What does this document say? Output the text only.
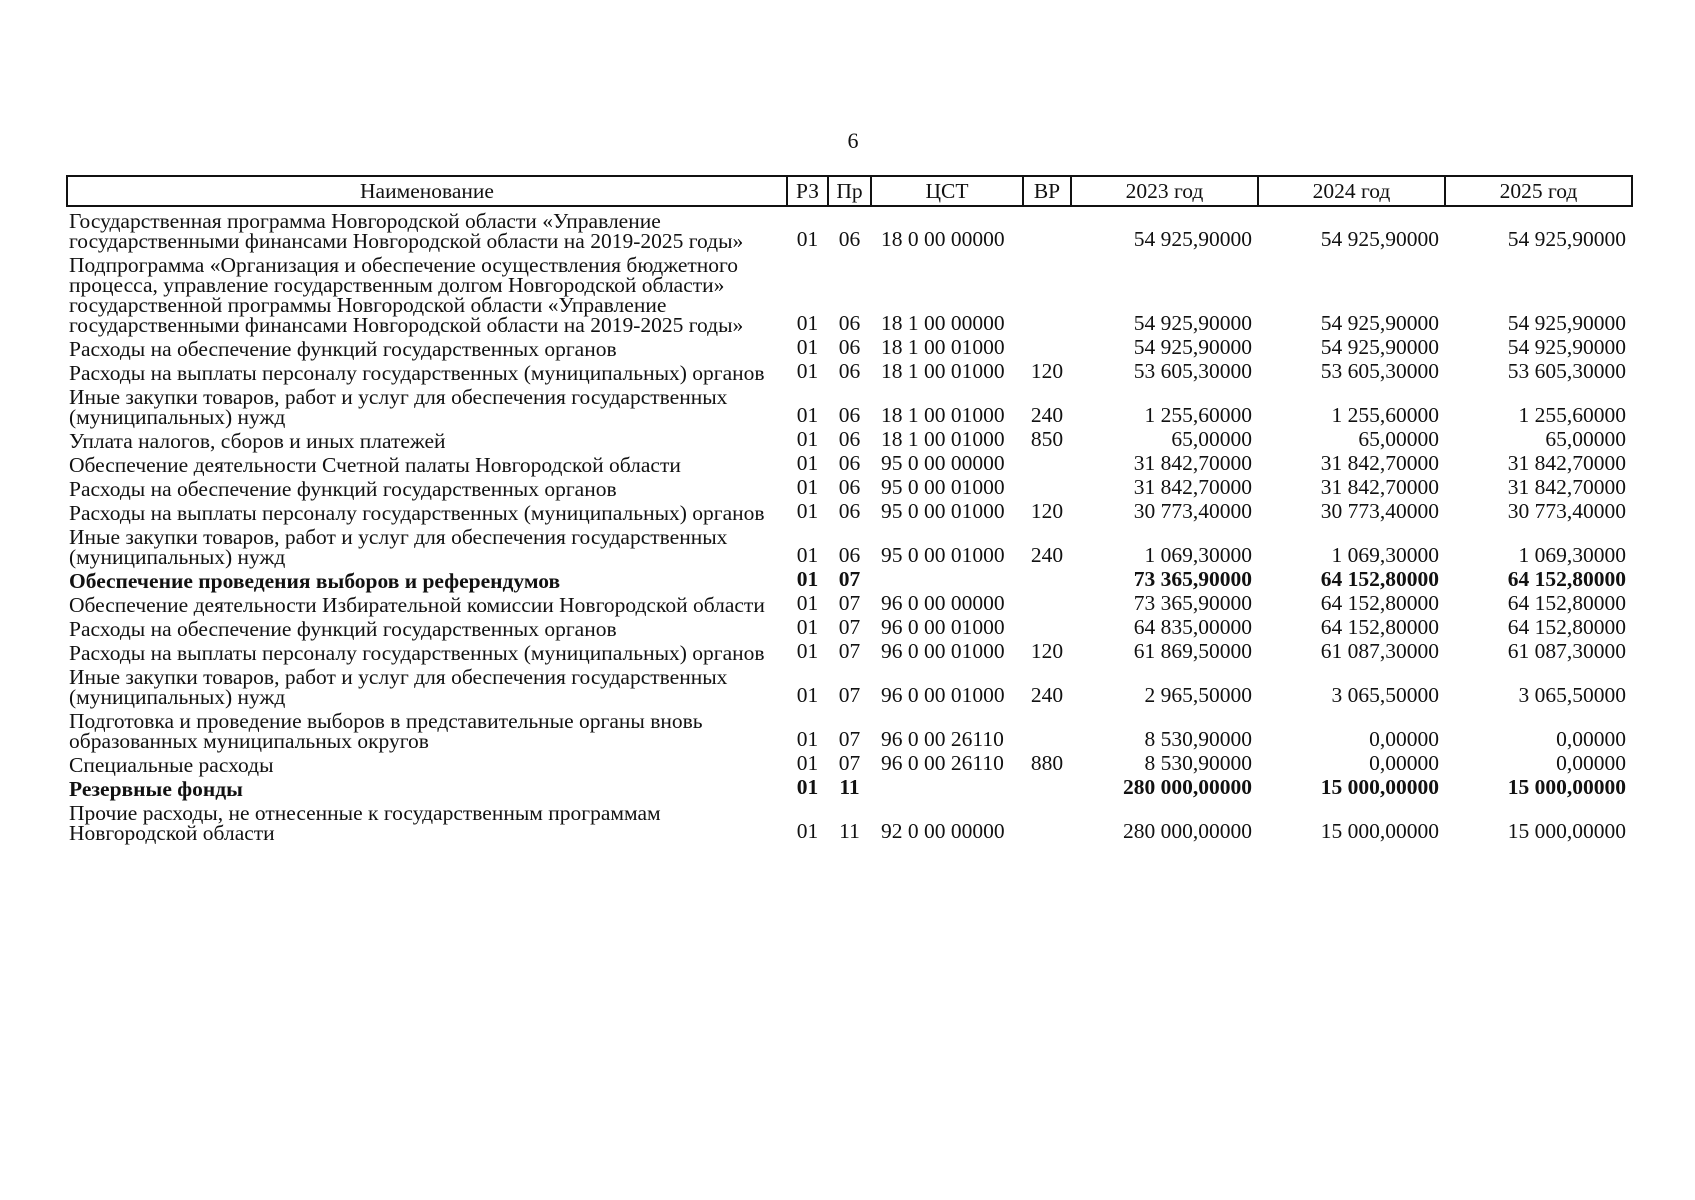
6
Наименование	РЗ	Пр	ЦСТ	ВР	2023 год	2024 год	2025 год
Государственная программа Новгородской области «Управление государственными финансами Новгородской области на 2019-2025 годы»	01	06	18 0 00 00000		54 925,90000	54 925,90000	54 925,90000
Подпрограмма «Организация и обеспечение осуществления бюджетного процесса, управление государственным долгом Новгородской области» государственной программы Новгородской области «Управление государственными финансами Новгородской области на 2019-2025 годы»	01	06	18 1 00 00000		54 925,90000	54 925,90000	54 925,90000
Расходы на обеспечение функций государственных органов	01	06	18 1 00 01000		54 925,90000	54 925,90000	54 925,90000
Расходы на выплаты персоналу государственных (муниципальных) органов	01	06	18 1 00 01000	120	53 605,30000	53 605,30000	53 605,30000
Иные закупки товаров, работ и услуг для обеспечения государственных (муниципальных) нужд	01	06	18 1 00 01000	240	1 255,60000	1 255,60000	1 255,60000
Уплата налогов, сборов и иных платежей	01	06	18 1 00 01000	850	65,00000	65,00000	65,00000
Обеспечение деятельности Счетной палаты Новгородской области	01	06	95 0 00 00000		31 842,70000	31 842,70000	31 842,70000
Расходы на обеспечение функций государственных органов	01	06	95 0 00 01000		31 842,70000	31 842,70000	31 842,70000
Расходы на выплаты персоналу государственных (муниципальных) органов	01	06	95 0 00 01000	120	30 773,40000	30 773,40000	30 773,40000
Иные закупки товаров, работ и услуг для обеспечения государственных (муниципальных) нужд	01	06	95 0 00 01000	240	1 069,30000	1 069,30000	1 069,30000
Обеспечение проведения выборов и референдумов	01	07			73 365,90000	64 152,80000	64 152,80000
Обеспечение деятельности Избирательной комиссии Новгородской области	01	07	96 0 00 00000		73 365,90000	64 152,80000	64 152,80000
Расходы на обеспечение функций государственных органов	01	07	96 0 00 01000		64 835,00000	64 152,80000	64 152,80000
Расходы на выплаты персоналу государственных (муниципальных) органов	01	07	96 0 00 01000	120	61 869,50000	61 087,30000	61 087,30000
Иные закупки товаров, работ и услуг для обеспечения государственных (муниципальных) нужд	01	07	96 0 00 01000	240	2 965,50000	3 065,50000	3 065,50000
Подготовка и проведение выборов в представительные органы вновь образованных муниципальных округов	01	07	96 0 00 26110		8 530,90000	0,00000	0,00000
Специальные расходы	01	07	96 0 00 26110	880	8 530,90000	0,00000	0,00000
Резервные фонды	01	11			280 000,00000	15 000,00000	15 000,00000
Прочие расходы, не отнесенные к государственным программам Новгородской области	01	11	92 0 00 00000		280 000,00000	15 000,00000	15 000,00000
